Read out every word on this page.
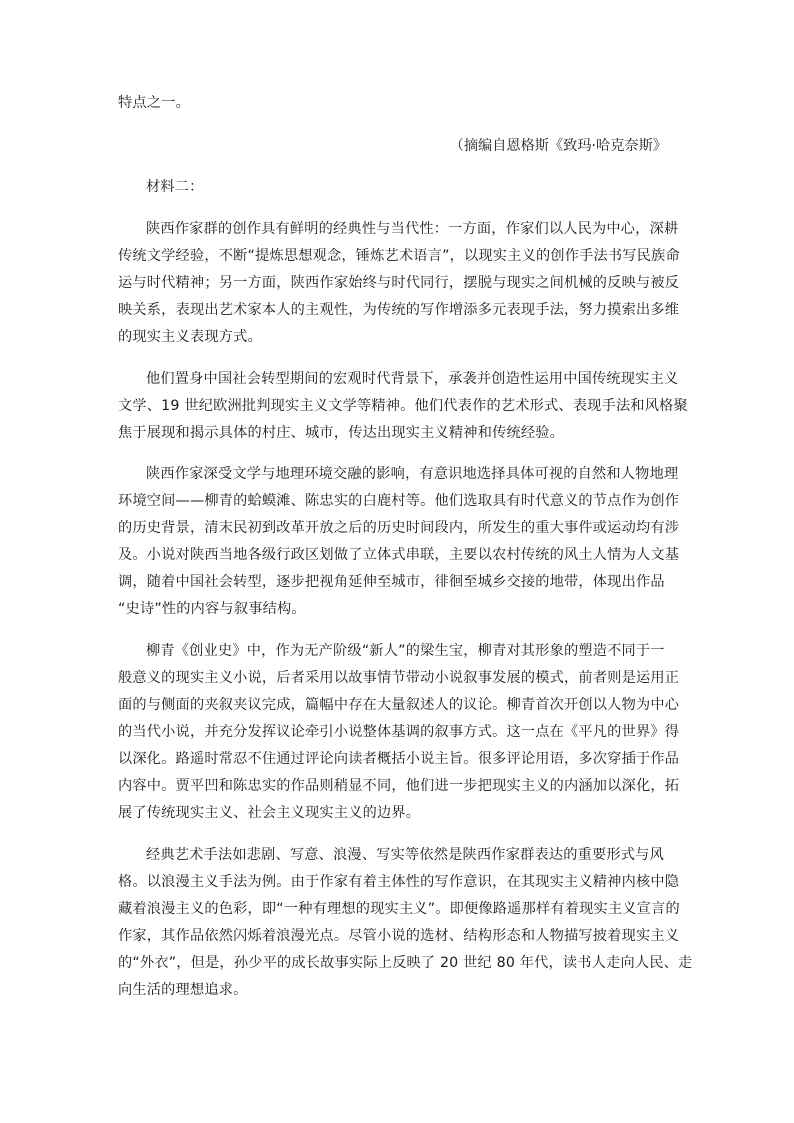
特点之一。
（摘编自恩格斯《致玛·哈克奈斯》
材料二：
陕西作家群的创作具有鲜明的经典性与当代性：一方面，作家们以人民为中心，深耕
传统文学经验，不断“提炼思想观念，锤炼艺术语言”，以现实主义的创作手法书写民族命
运与时代精神；另一方面，陕西作家始终与时代同行，摆脱与现实之间机械的反映与被反
映关系，表现出艺术家本人的主观性，为传统的写作增添多元表现手法，努力摸索出多维
的现实主义表现方式。
他们置身中国社会转型期间的宏观时代背景下，承袭并创造性运用中国传统现实主义
文学、19 世纪欧洲批判现实主义文学等精神。他们代表作的艺术形式、表现手法和风格聚
焦于展现和揭示具体的村庄、城市，传达出现实主义精神和传统经验。
陕西作家深受文学与地理环境交融的影响，有意识地选择具体可视的自然和人物地理
环境空间——柳青的蛤蟆滩、陈忠实的白鹿村等。他们选取具有时代意义的节点作为创作
的历史背景，清末民初到改革开放之后的历史时间段内，所发生的重大事件或运动均有涉
及。小说对陕西当地各级行政区划做了立体式串联，主要以农村传统的风土人情为人文基
调，随着中国社会转型，逐步把视角延伸至城市，徘徊至城乡交接的地带，体现出作品
“史诗”性的内容与叙事结构。
柳青《创业史》中，作为无产阶级“新人”的梁生宝，柳青对其形象的塑造不同于一
般意义的现实主义小说，后者采用以故事情节带动小说叙事发展的模式，前者则是运用正
面的与侧面的夹叙夹议完成，篇幅中存在大量叙述人的议论。柳青首次开创以人物为中心
的当代小说，并充分发挥议论牵引小说整体基调的叙事方式。这一点在《平凡的世界》得
以深化。路遥时常忍不住通过评论向读者概括小说主旨。很多评论用语，多次穿插于作品
内容中。贾平凹和陈忠实的作品则稍显不同，他们进一步把现实主义的内涵加以深化，拓
展了传统现实主义、社会主义现实主义的边界。
经典艺术手法如悲剧、写意、浪漫、写实等依然是陕西作家群表达的重要形式与风
格。以浪漫主义手法为例。由于作家有着主体性的写作意识，在其现实主义精神内核中隐
藏着浪漫主义的色彩，即“一种有理想的现实主义”。即便像路遥那样有着现实主义宣言的
作家，其作品依然闪烁着浪漫光点。尽管小说的选材、结构形态和人物描写披着现实主义
的“外衣”，但是，孙少平的成长故事实际上反映了 20 世纪 80 年代，读书人走向人民、走
向生活的理想追求。
